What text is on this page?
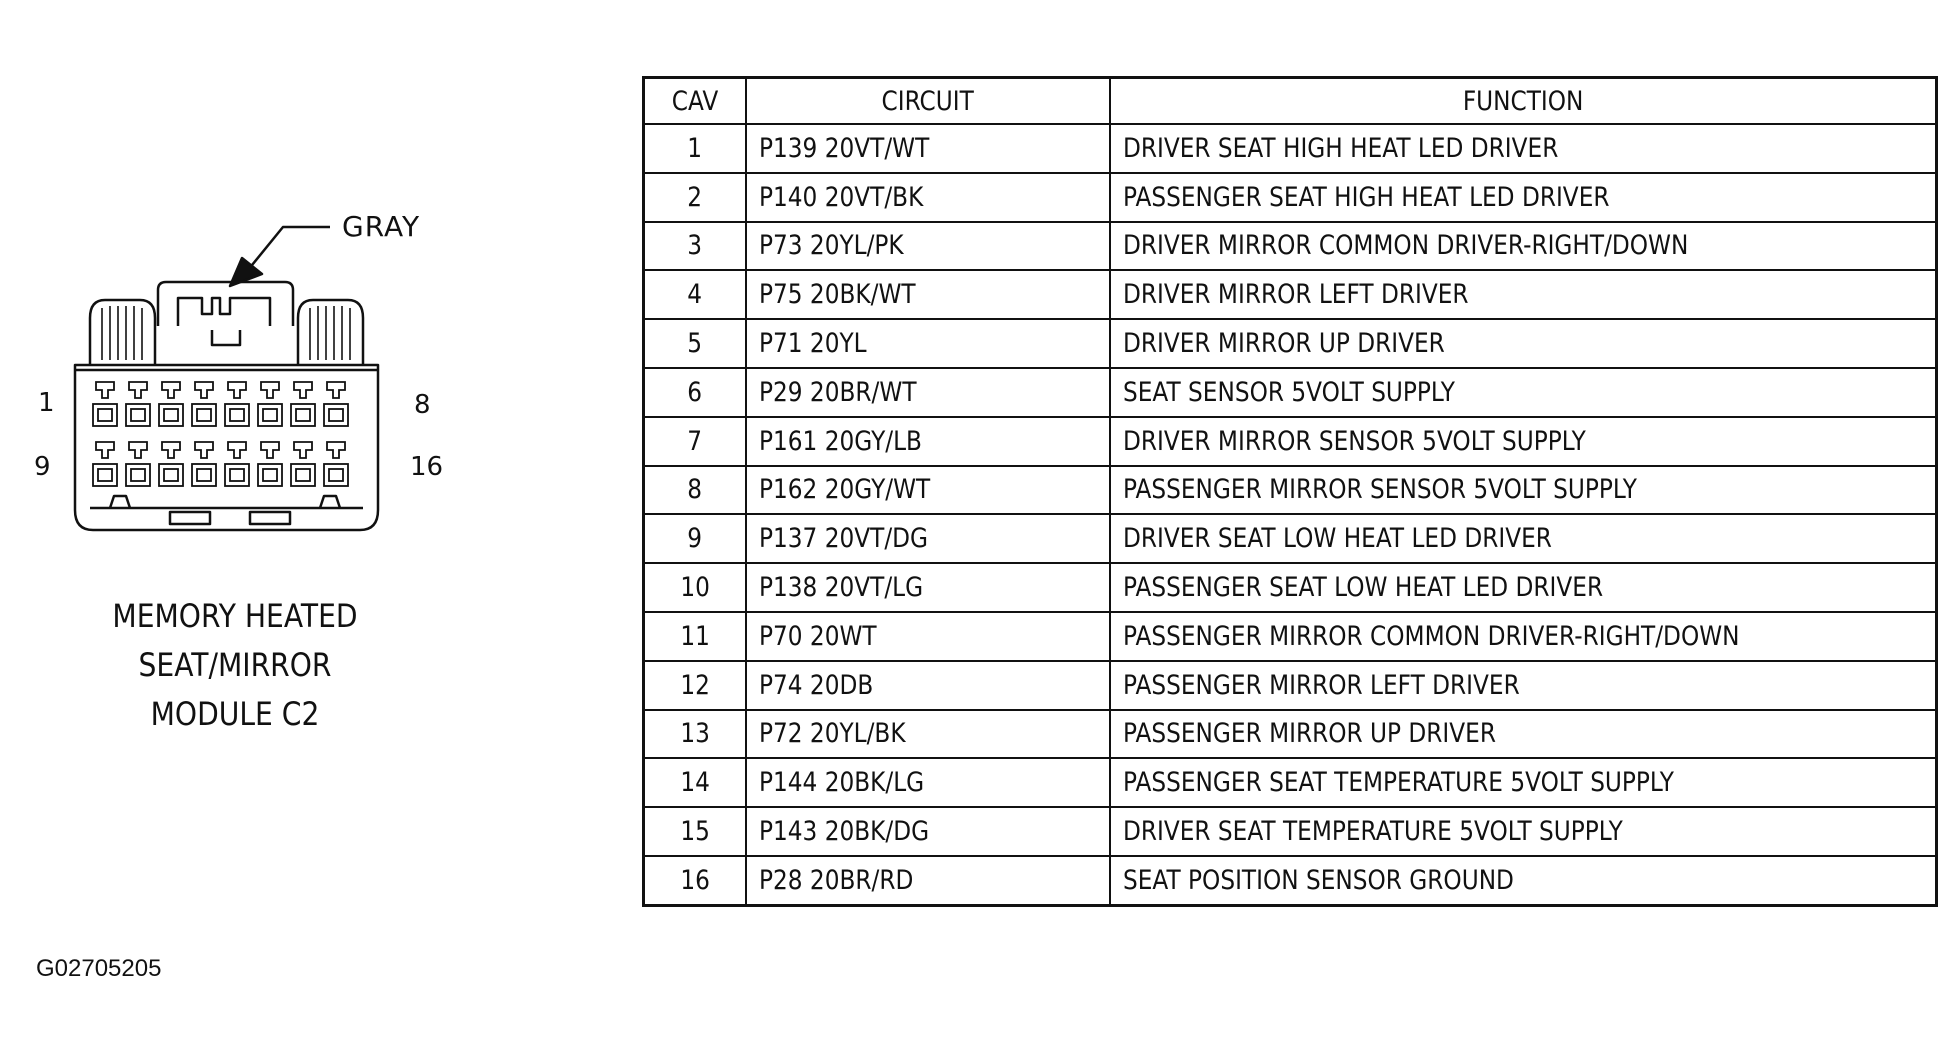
GRAY
1	8
9	16
MEMORY HEATED
SEAT/MIRROR
MODULE C2
G02705205
CAV	CIRCUIT	FUNCTION
1	P139 20VT/WT	DRIVER SEAT HIGH HEAT LED DRIVER
2	P140 20VT/BK	PASSENGER SEAT HIGH HEAT LED DRIVER
3	P73 20YL/PK	DRIVER MIRROR COMMON DRIVER-RIGHT/DOWN
4	P75 20BK/WT	DRIVER MIRROR LEFT DRIVER
5	P71 20YL	DRIVER MIRROR UP DRIVER
6	P29 20BR/WT	SEAT SENSOR 5VOLT SUPPLY
7	P161 20GY/LB	DRIVER MIRROR SENSOR 5VOLT SUPPLY
8	P162 20GY/WT	PASSENGER MIRROR SENSOR 5VOLT SUPPLY
9	P137 20VT/DG	DRIVER SEAT LOW HEAT LED DRIVER
10	P138 20VT/LG	PASSENGER SEAT LOW HEAT LED DRIVER
11	P70 20WT	PASSENGER MIRROR COMMON DRIVER-RIGHT/DOWN
12	P74 20DB	PASSENGER MIRROR LEFT DRIVER
13	P72 20YL/BK	PASSENGER MIRROR UP DRIVER
14	P144 20BK/LG	PASSENGER SEAT TEMPERATURE 5VOLT SUPPLY
15	P143 20BK/DG	DRIVER SEAT TEMPERATURE 5VOLT SUPPLY
16	P28 20BR/RD	SEAT POSITION SENSOR GROUND
